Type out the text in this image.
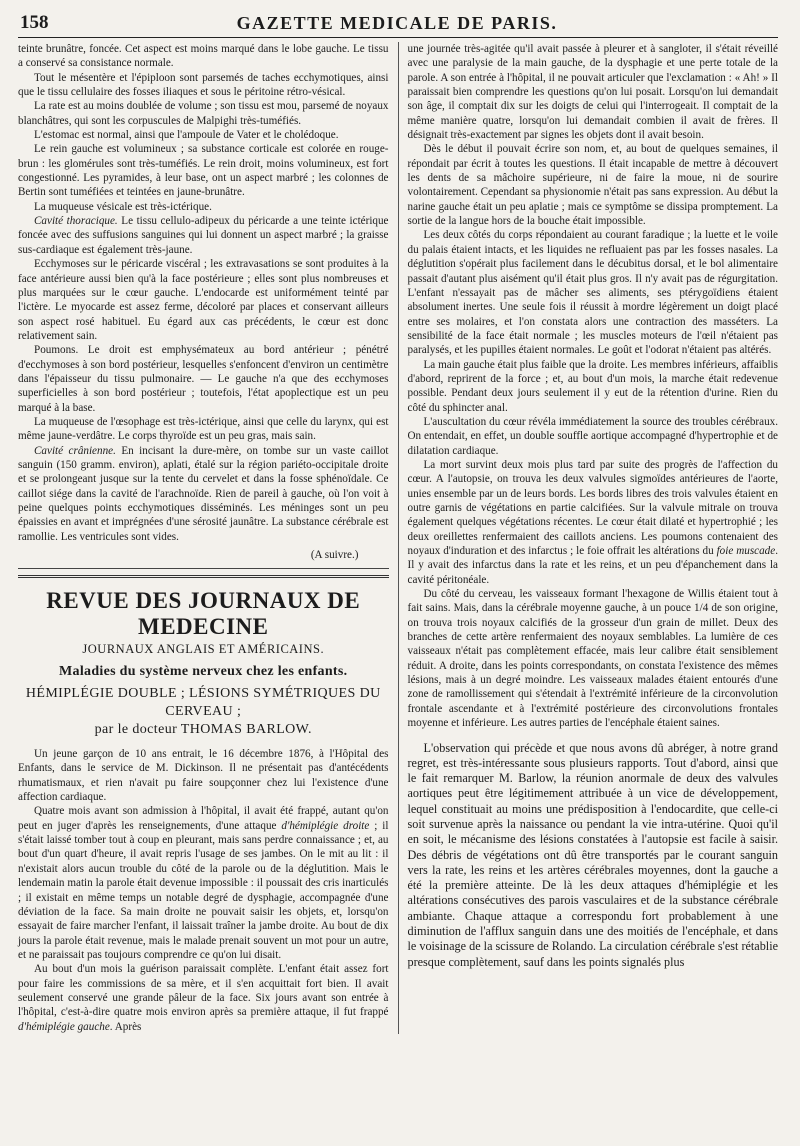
158	GAZETTE MEDICALE DE PARIS.

teinte brunâtre, foncée. Cet aspect est moins marqué dans le lobe gauche. Le tissu a conservé sa consistance normale.

Tout le mésentère et l'épiploon sont parsemés de taches ecchymotiques, ainsi que le tissu cellulaire des fosses iliaques et sous le péritoine rétro-vésical.

La rate est au moins doublée de volume ; son tissu est mou, parsemé de noyaux blanchâtres, qui sont les corpuscules de Malpighi très-tuméfiés.

L'estomac est normal, ainsi que l'ampoule de Vater et le cholédoque.

Le rein gauche est volumineux ; sa substance corticale est colorée en rouge-brun : les glomérules sont très-tuméfiés. Le rein droit, moins volumineux, est fort congestionné. Les pyramides, à leur base, ont un aspect marbré ; les colonnes de Bertin sont tuméfiées et teintées en jaune-brunâtre.

La muqueuse vésicale est très-ictérique.

Cavité thoracique. Le tissu cellulo-adipeux du péricarde a une teinte ictérique foncée avec des suffusions sanguines qui lui donnent un aspect marbré ; la graisse sus-cardiaque est également très-jaune.

Ecchymoses sur le péricarde viscéral ; les extravasations se sont produites à la face antérieure aussi bien qu'à la face postérieure ; elles sont plus nombreuses et plus marquées sur le cœur gauche. L'endocarde est uniformément teinté par l'ictère. Le myocarde est assez ferme, décoloré par places et conservant ailleurs son aspect rosé habituel. Eu égard aux cas précédents, le cœur est donc relativement sain.

Poumons. Le droit est emphysémateux au bord antérieur ; pénétré d'ecchymoses à son bord postérieur, lesquelles s'enfoncent d'environ un centimètre dans l'épaisseur du tissu pulmonaire. — Le gauche n'a que des ecchymoses superficielles à son bord postérieur ; toutefois, l'état apoplectique est un peu marqué à la base.

La muqueuse de l'œsophage est très-ictérique, ainsi que celle du larynx, qui est même jaune-verdâtre. Le corps thyroïde est un peu gras, mais sain.

Cavité crânienne. En incisant la dure-mère, on tombe sur un vaste caillot sanguin (150 gramm. environ), aplati, étalé sur la région pariéto-occipitale droite et se prolongeant jusque sur la tente du cervelet et dans la fosse sphénoïdale. Ce caillot siége dans la cavité de l'arachnoïde. Rien de pareil à gauche, où l'on voit à peine quelques points ecchymotiques disséminés. Les méninges sont un peu épaissies en avant et imprégnées d'une sérosité jaunâtre. La substance cérébrale est ramollie. Les ventricules sont vides.

(A suivre.)

REVUE DES JOURNAUX DE MEDECINE

JOURNAUX ANGLAIS ET AMÉRICAINS.

Maladies du système nerveux chez les enfants.

HÉMIPLÉGIE DOUBLE ; LÉSIONS SYMÉTRIQUES DU CERVEAU ;
par le docteur THOMAS BARLOW.

Un jeune garçon de 10 ans entrait, le 16 décembre 1876, à l'Hôpital des Enfants, dans le service de M. Dickinson. Il ne présentait pas d'antécédents rhumatismaux, et rien n'avait pu faire soupçonner chez lui l'existence d'une affection cardiaque.

Quatre mois avant son admission à l'hôpital, il avait été frappé, autant qu'on peut en juger d'après les renseignements, d'une attaque d'hémiplégie droite ; il s'était laissé tomber tout à coup en pleurant, mais sans perdre connaissance ; et, au bout d'un quart d'heure, il avait repris l'usage de ses jambes. On le mit au lit : il n'existait alors aucun trouble du côté de la parole ou de la déglutition. Mais le lendemain matin la parole était devenue impossible : il poussait des cris inarticulés ; il existait en même temps un notable degré de dysphagie, accompagnée d'une déviation de la face. Sa main droite ne pouvait saisir les objets, et, lorsqu'on essayait de faire marcher l'enfant, il laissait traîner la jambe droite. Au bout de dix jours la parole était revenue, mais le malade prenait souvent un mot pour un autre, et ne paraissait pas toujours comprendre ce qu'on lui disait.

Au bout d'un mois la guérison paraissait complète. L'enfant était assez fort pour faire les commissions de sa mère, et il s'en acquittait fort bien. Il avait seulement conservé une grande pâleur de la face. Six jours avant son entrée à l'hôpital, c'est-à-dire quatre mois environ après sa première attaque, il fut frappé d'hémiplégie gauche. Après

une journée très-agitée qu'il avait passée à pleurer et à sangloter, il s'était réveillé avec une paralysie de la main gauche, de la dysphagie et une perte totale de la parole. A son entrée à l'hôpital, il ne pouvait articuler que l'exclamation : « Ah! » Il paraissait bien comprendre les questions qu'on lui posait. Lorsqu'on lui demandait son âge, il comptait dix sur les doigts de celui qui l'interrogeait. Il comptait de la même manière quatre, lorsqu'on lui demandait combien il avait de frères. Il désignait très-exactement par signes les objets dont il avait besoin.

Dès le début il pouvait écrire son nom, et, au bout de quelques semaines, il répondait par écrit à toutes les questions. Il était incapable de mettre à découvert les dents de sa mâchoire supérieure, ni de faire la moue, ni de sourire volontairement. Cependant sa physionomie n'était pas sans expression. Au début la narine gauche était un peu aplatie ; mais ce symptôme se dissipa promptement. La sortie de la langue hors de la bouche était impossible.

Les deux côtés du corps répondaient au courant faradique ; la luette et le voile du palais étaient intacts, et les liquides ne refluaient pas par les fosses nasales. La déglutition s'opérait plus facilement dans le décubitus dorsal, et le bol alimentaire passait d'autant plus aisément qu'il était plus gros. Il n'y avait pas de régurgitation. L'enfant n'essayait pas de mâcher ses aliments, ses ptérygoïdiens étaient absolument inertes. Une seule fois il réussit à mordre légèrement un doigt placé entre ses molaires, et l'on constata alors une contraction des masséters. La sensibilité de la face était normale ; les muscles moteurs de l'œil n'étaient pas paralysés, et les pupilles étaient normales. Le goût et l'odorat n'étaient pas altérés.

La main gauche était plus faible que la droite. Les membres inférieurs, affaiblis d'abord, reprirent de la force ; et, au bout d'un mois, la marche était redevenue possible. Pendant deux jours seulement il y eut de la rétention d'urine. Rien du côté du sphincter anal.

L'auscultation du cœur révéla immédiatement la source des troubles cérébraux. On entendait, en effet, un double souffle aortique accompagné d'hypertrophie et de dilatation cardiaque.

La mort survint deux mois plus tard par suite des progrès de l'affection du cœur. A l'autopsie, on trouva les deux valvules sigmoïdes antérieures de l'aorte, unies ensemble par un de leurs bords. Les bords libres des trois valvules étaient en outre garnis de végétations en partie calcifiées. Sur la valvule mitrale on trouva également quelques végétations récentes. Le cœur était dilaté et hypertrophié ; les deux oreillettes renfermaient des caillots anciens. Les poumons contenaient des noyaux d'induration et des infarctus ; le foie offrait les altérations du foie muscade. Il y avait des infarctus dans la rate et les reins, et un peu d'épanchement dans la cavité péritonéale.

Du côté du cerveau, les vaisseaux formant l'hexagone de Willis étaient tout à fait sains. Mais, dans la cérébrale moyenne gauche, à un pouce 1/4 de son origine, on trouva trois noyaux calcifiés de la grosseur d'un grain de millet. Deux des branches de cette artère renfermaient des noyaux semblables. La lumière de ces vaisseaux n'était pas complètement effacée, mais leur calibre était sensiblement réduit. A droite, dans les points correspondants, on constata l'existence des mêmes lésions, mais à un degré moindre. Les vaisseaux malades étaient entourés d'une zone de ramollissement qui s'étendait à l'extrémité inférieure de la circonvolution frontale ascendante et à l'extrémité postérieure des circonvolutions frontales moyenne et inférieure. Les autres parties de l'encéphale étaient saines.

L'observation qui précède et que nous avons dû abréger, à notre grand regret, est très-intéressante sous plusieurs rapports. Tout d'abord, ainsi que le fait remarquer M. Barlow, la réunion anormale de deux des valvules aortiques peut être légitimement attribuée à un vice de développement, lequel constituait au moins une prédisposition à l'endocardite, que celle-ci soit survenue après la naissance ou pendant la vie intra-utérine. Quoi qu'il en soit, le mécanisme des lésions constatées à l'autopsie est facile à saisir. Des débris de végétations ont dû être transportés par le courant sanguin vers la rate, les reins et les artères cérébrales moyennes, dont la gauche a été la première atteinte. De là les deux attaques d'hémiplégie et les altérations consécutives des parois vasculaires et de la substance cérébrale ambiante. Chaque attaque a correspondu fort probablement à une diminution de l'afflux sanguin dans une des moitiés de l'encéphale, et dans le voisinage de la scissure de Rolando. La circulation cérébrale s'est rétablie presque complètement, sauf dans les points signalés plus
